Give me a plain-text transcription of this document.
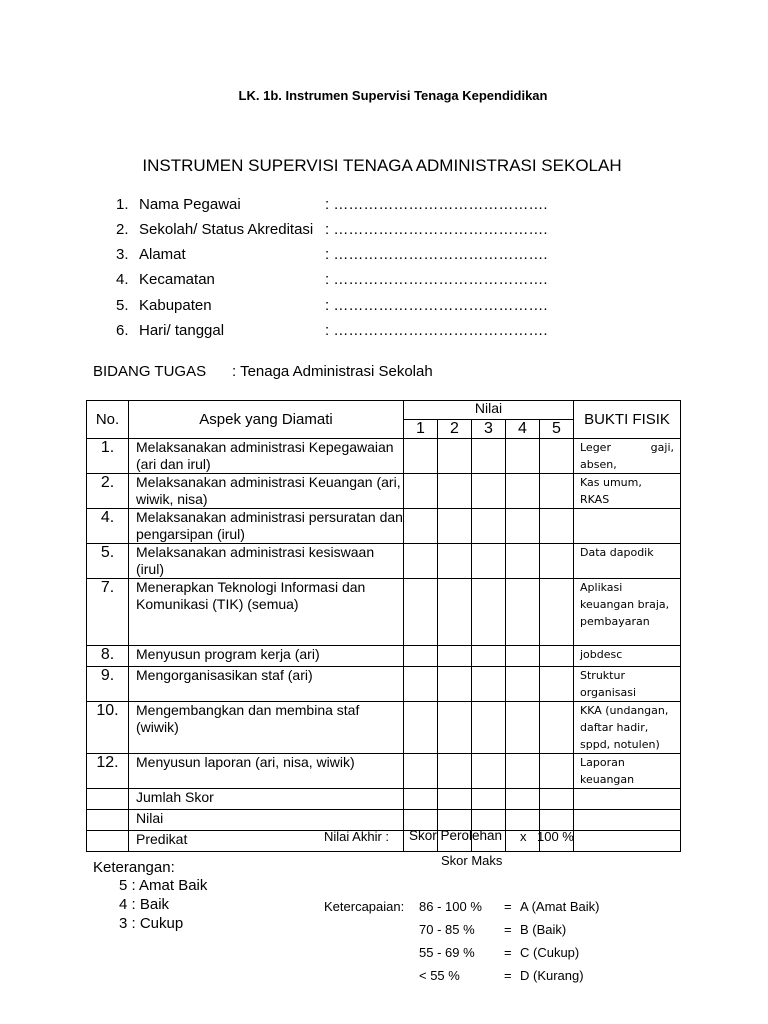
LK. 1b. Instrumen Supervisi Tenaga Kependidikan
INSTRUMEN SUPERVISI TENAGA ADMINISTRASI SEKOLAH
1. Nama Pegawai	: …………………………………….
2. Sekolah/ Status Akreditasi : …………………………………….
3. Alamat	: …………………………………….
4. Kecamatan	: …………………………………….
5. Kabupaten	: …………………………………….
6. Hari/ tanggal	: …………………………………….
BIDANG TUGAS : Tenaga Administrasi Sekolah
No.	Aspek yang Diamati	Nilai					BUKTI FISIK
		1	2	3	4	5	
1.	Melaksanakan administrasi Kepegawaian (ari dan irul)						Leger gaji, absen,
2.	Melaksanakan administrasi Keuangan (ari, wiwik, nisa)						Kas umum, RKAS
4.	Melaksanakan administrasi persuratan dan pengarsipan (irul)						
5.	Melaksanakan administrasi kesiswaan (irul)						Data dapodik
7.	Menerapkan Teknologi Informasi dan Komunikasi (TIK) (semua)						Aplikasi keuangan braja, pembayaran
8.	Menyusun program kerja (ari)						jobdesc
9.	Mengorganisasikan staf (ari)						Struktur organisasi
10.	Mengembangkan dan membina staf (wiwik)						KKA (undangan, daftar hadir, sppd, notulen)
12.	Menyusun laporan (ari, nisa, wiwik)						Laporan keuangan
	Jumlah Skor						
	Nilai						
	Predikat							Nilai Akhir : Skor Perolehan x 100 %
Skor Maks
Keterangan:
5 : Amat Baik
4 : Baik
3 : Cukup
Ketercapaian: 86 - 100 % = A (Amat Baik)
70 - 85 % = B (Baik)
55 - 69 % = C (Cukup)
< 55 %	= D (Kurang)
